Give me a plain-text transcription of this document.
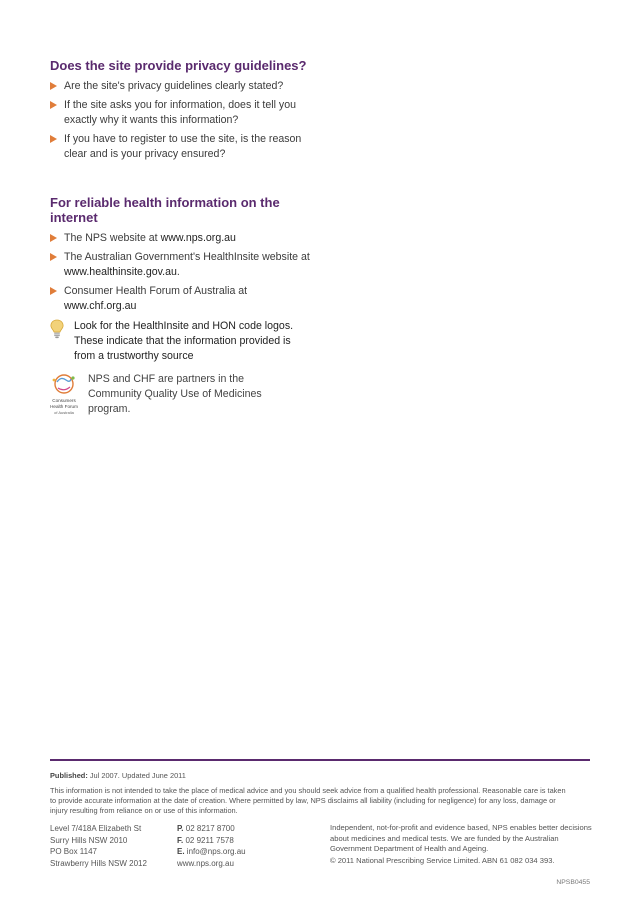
Does the site provide privacy guidelines?
Are the site's privacy guidelines clearly stated?
If the site asks you for information, does it tell you exactly why it wants this information?
If you have to register to use the site, is the reason clear and is your privacy ensured?
For reliable health information on the internet
The NPS website at www.nps.org.au
The Australian Government's HealthInsite website at www.healthinsite.gov.au.
Consumer Health Forum of Australia at www.chf.org.au
Look for the HealthInsite and HON code logos. These indicate that the information provided is from a trustworthy source
Consumers
Health Forum
of Australia
NPS and CHF are partners in the Community Quality Use of Medicines program.
Published: Jul 2007. Updated June 2011
This information is not intended to take the place of medical advice and you should seek advice from a qualified health professional. Reasonable care is taken to provide accurate information at the date of creation. Where permitted by law, NPS disclaims all liability (including for negligence) for any loss, damage or injury resulting from reliance on or use of this information.
Level 7/418A Elizabeth St
Surry Hills NSW 2010
PO Box 1147
Strawberry Hills NSW 2012
P. 02 8217 8700
F. 02 9211 7578
E. info@nps.org.au
www.nps.org.au
Independent, not-for-profit and evidence based, NPS enables better decisions about medicines and medical tests. We are funded by the Australian Government Department of Health and Ageing.
© 2011 National Prescribing Service Limited. ABN 61 082 034 393.
NPSB0455
